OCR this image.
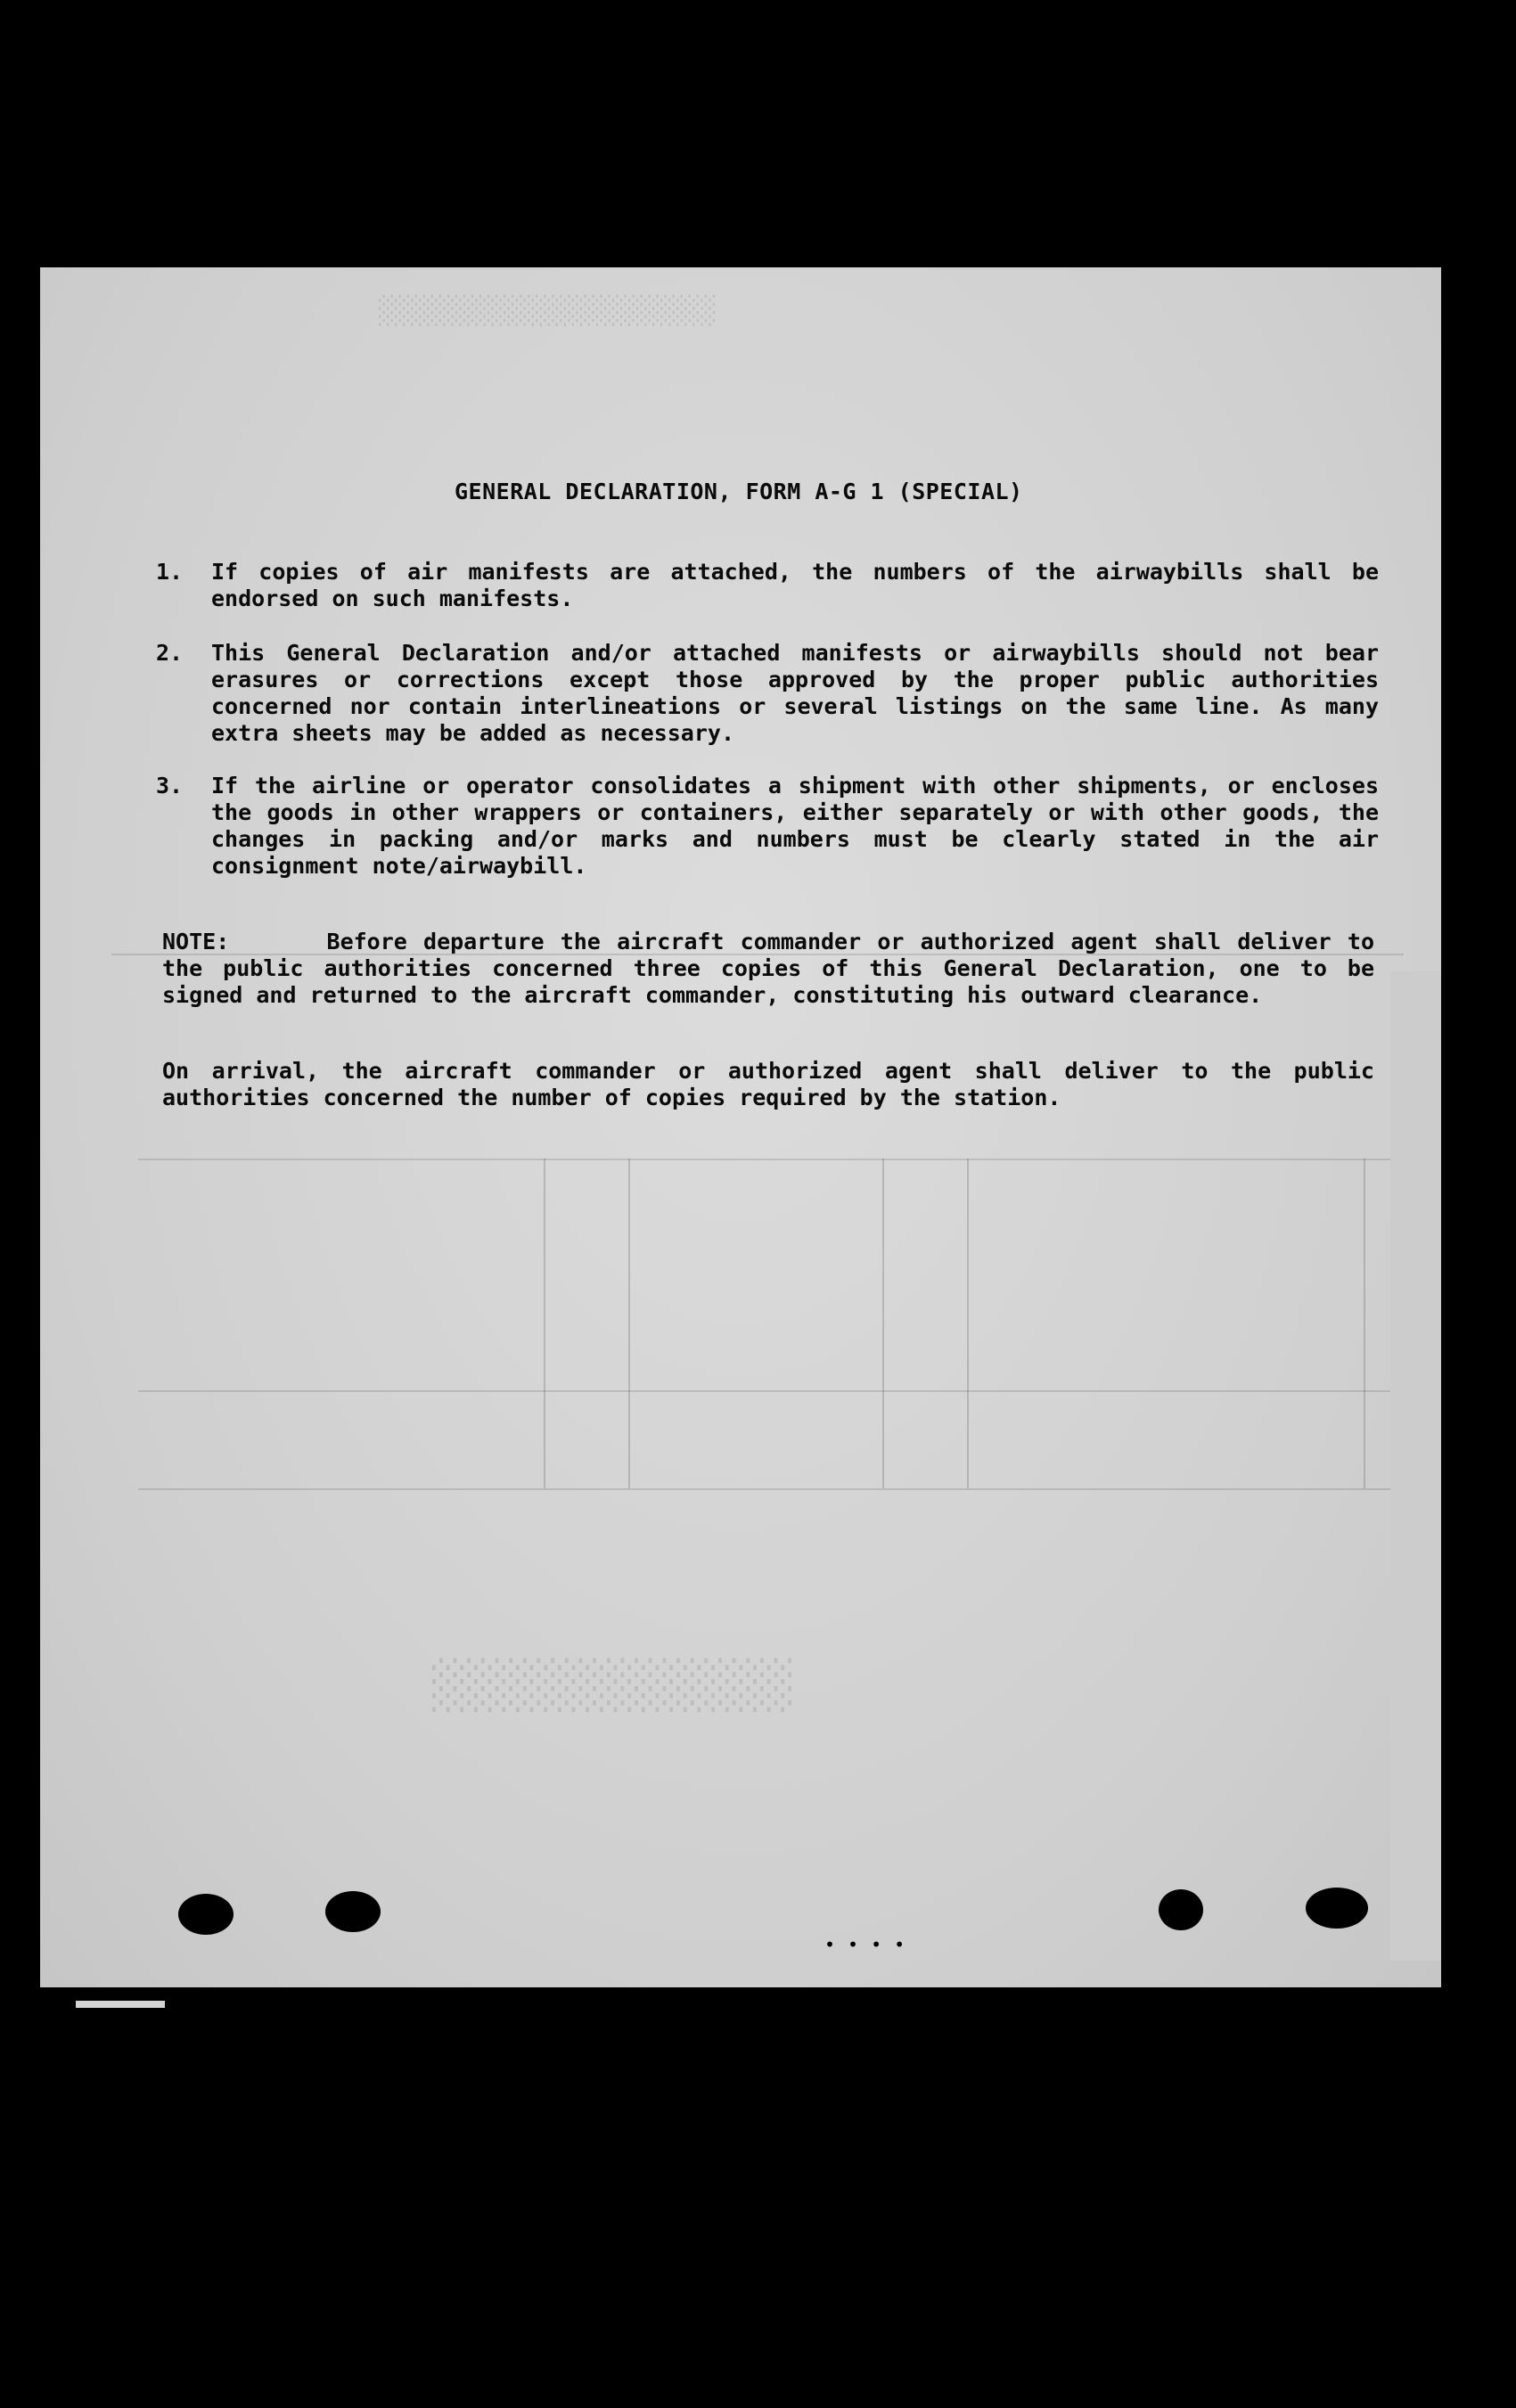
░░░░░░░░░░░░░░░░░░░░░
░░░░░░░░░░░░░
GENERAL DECLARATION, FORM A-G 1 (SPECIAL)
1.	If copies of air manifests are attached, the numbers of the airwaybills shall be endorsed on such manifests.
2.	This General Declaration and/or attached manifests or airwaybills should not bear erasures or corrections except those approved by the proper public authorities concerned nor contain interlineations or several listings on the same line. As many extra sheets may be added as necessary.
3.	If the airline or operator consolidates a shipment with other shipments, or encloses the goods in other wrappers or containers, either separately or with other goods, the changes in packing and/or marks and numbers must be clearly stated in the air consignment note/airwaybill.
NOTE:      Before departure the aircraft commander or authorized agent shall deliver to the public authorities concerned three copies of this General Declaration, one to be signed and returned to the aircraft commander, constituting his outward clearance.
On arrival, the aircraft commander or authorized agent shall deliver to the public authorities concerned the number of copies required by the station.
••••
